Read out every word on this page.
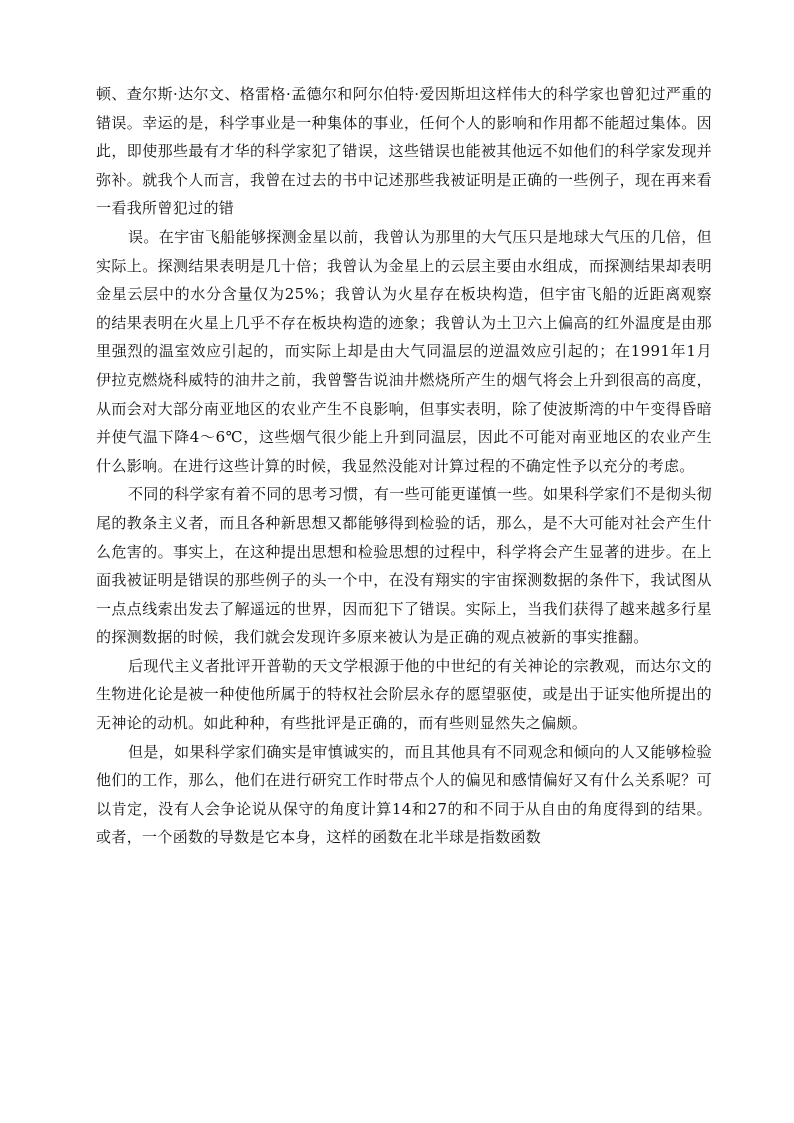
顿、查尔斯·达尔文、格雷格·孟德尔和阿尔伯特·爱因斯坦这样伟大的科学家也曾犯过严重的错误。幸运的是，科学事业是一种集体的事业，任何个人的影响和作用都不能超过集体。因此，即使那些最有才华的科学家犯了错误，这些错误也能被其他远不如他们的科学家发现并弥补。就我个人而言，我曾在过去的书中记述那些我被证明是正确的一些例子，现在再来看一看我所曾犯过的错

误。在宇宙飞船能够探测金星以前，我曾认为那里的大气压只是地球大气压的几倍，但实际上。探测结果表明是几十倍；我曾认为金星上的云层主要由水组成，而探测结果却表明金星云层中的水分含量仅为25%；我曾认为火星存在板块构造，但宇宙飞船的近距离观察的结果表明在火星上几乎不存在板块构造的迹象；我曾认为土卫六上偏高的红外温度是由那里强烈的温室效应引起的，而实际上却是由大气同温层的逆温效应引起的；在1991年1月伊拉克燃烧科威特的油井之前，我曾警告说油井燃烧所产生的烟气将会上升到很高的高度，从而会对大部分南亚地区的农业产生不良影响，但事实表明，除了使波斯湾的中午变得昏暗并使气温下降4～6℃，这些烟气很少能上升到同温层，因此不可能对南亚地区的农业产生什么影响。在进行这些计算的时候，我显然没能对计算过程的不确定性予以充分的考虑。

不同的科学家有着不同的思考习惯，有一些可能更谨慎一些。如果科学家们不是彻头彻尾的教条主义者，而且各种新思想又都能够得到检验的话，那么，是不大可能对社会产生什么危害的。事实上，在这种提出思想和检验思想的过程中，科学将会产生显著的进步。在上面我被证明是错误的那些例子的头一个中，在没有翔实的宇宙探测数据的条件下，我试图从一点点线索出发去了解遥远的世界，因而犯下了错误。实际上，当我们获得了越来越多行星的探测数据的时候，我们就会发现许多原来被认为是正确的观点被新的事实推翻。

后现代主义者批评开普勒的天文学根源于他的中世纪的有关神论的宗教观，而达尔文的生物进化论是被一种使他所属于的特权社会阶层永存的愿望驱使，或是出于证实他所提出的无神论的动机。如此种种，有些批评是正确的，而有些则显然失之偏颇。

但是，如果科学家们确实是审慎诚实的，而且其他具有不同观念和倾向的人又能够检验他们的工作，那么，他们在进行研究工作时带点个人的偏见和感情偏好又有什么关系呢？可以肯定，没有人会争论说从保守的角度计算14和27的和不同于从自由的角度得到的结果。或者，一个函数的导数是它本身，这样的函数在北半球是指数函数
